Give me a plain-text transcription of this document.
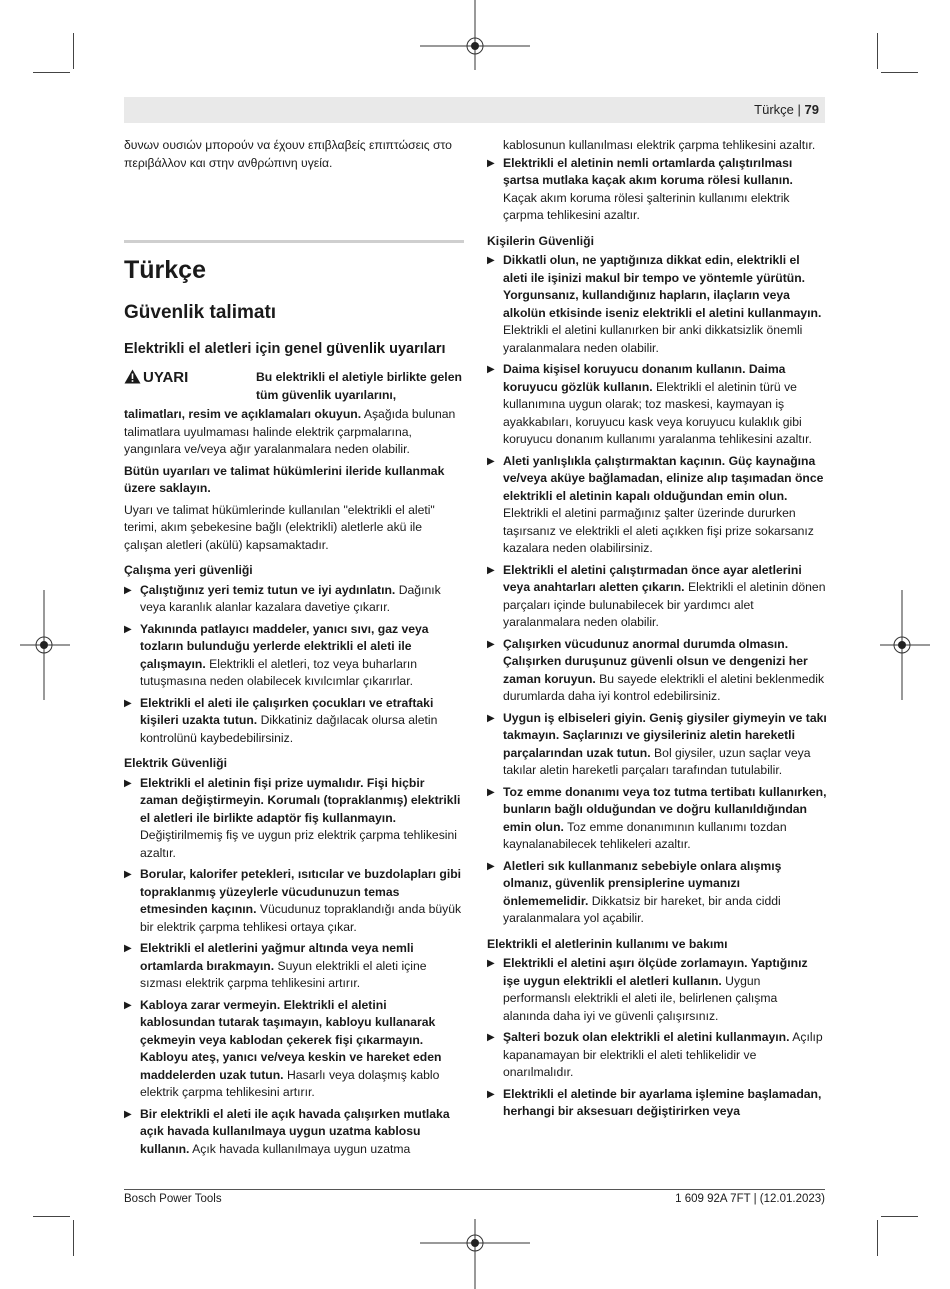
Türkçe | 79

δυνων ουσιών μπορούν να έχουν επιβλαβείς επιπτώσεις στο περιβάλλον και στην ανθρώπινη υγεία.

Türkçe
Güvenlik talimatı
Elektrikli el aletleri için genel güvenlik uyarıları
UYARI	Bu elektrikli el aletiyle birlikte gelen tüm güvenlik uyarılarını,

talimatları, resim ve açıklamaları okuyun. Aşağıda bulunan talimatlara uyulmaması halinde elektrik çarpmalarına, yangınlara ve/veya ağır yaralanmalara neden olabilir.

Bütün uyarıları ve talimat hükümlerini ileride kullanmak üzere saklayın.

Uyarı ve talimat hükümlerinde kullanılan "elektrikli el aleti" terimi, akım şebekesine bağlı (elektrikli) aletlerle akü ile çalışan aletleri (akülü) kapsamaktadır.

Çalışma yeri güvenliği

▶ Çalıştığınız yeri temiz tutun ve iyi aydınlatın. Dağınık veya karanlık alanlar kazalara davetiye çıkarır.
▶ Yakınında patlayıcı maddeler, yanıcı sıvı, gaz veya tozların bulunduğu yerlerde elektrikli el aleti ile çalışmayın. Elektrikli el aletleri, toz veya buharların tutuşmasına neden olabilecek kıvılcımlar çıkarırlar.
▶ Elektrikli el aleti ile çalışırken çocukları ve etraftaki kişileri uzakta tutun. Dikkatiniz dağılacak olursa aletin kontrolünü kaybedebilirsiniz.

Elektrik Güvenliği

▶ Elektrikli el aletinin fişi prize uymalıdır. Fişi hiçbir zaman değiştirmeyin. Korumalı (topraklanmış) elektrikli el aletleri ile birlikte adaptör fiş kullanmayın. Değiştirilmemiş fiş ve uygun priz elektrik çarpma tehlikesini azaltır.
▶ Borular, kalorifer petekleri, ısıtıcılar ve buzdolapları gibi topraklanmış yüzeylerle vücudunuzun temas etmesinden kaçının. Vücudunuz topraklandığı anda büyük bir elektrik çarpma tehlikesi ortaya çıkar.
▶ Elektrikli el aletlerini yağmur altında veya nemli ortamlarda bırakmayın. Suyun elektrikli el aleti içine sızması elektrik çarpma tehlikesini artırır.
▶ Kabloya zarar vermeyin. Elektrikli el aletini kablosundan tutarak taşımayın, kabloyu kullanarak çekmeyin veya kablodan çekerek fişi çıkarmayın. Kabloyu ateş, yanıcı ve/veya keskin ve hareket eden maddelerden uzak tutun. Hasarlı veya dolaşmış kablo elektrik çarpma tehlikesini artırır.
▶ Bir elektrikli el aleti ile açık havada çalışırken mutlaka açık havada kullanılmaya uygun uzatma kablosu kullanın. Açık havada kullanılmaya uygun uzatma

kablosunun kullanılması elektrik çarpma tehlikesini azaltır.

▶ Elektrikli el aletinin nemli ortamlarda çalıştırılması şartsa mutlaka kaçak akım koruma rölesi kullanın. Kaçak akım koruma rölesi şalterinin kullanımı elektrik çarpma tehlikesini azaltır.

Kişilerin Güvenliği

▶ Dikkatli olun, ne yaptığınıza dikkat edin, elektrikli el aleti ile işinizi makul bir tempo ve yöntemle yürütün. Yorgunsanız, kullandığınız hapların, ilaçların veya alkolün etkisinde iseniz elektrikli el aletini kullanmayın. Elektrikli el aletini kullanırken bir anki dikkatsizlik önemli yaralanmalara neden olabilir.
▶ Daima kişisel koruyucu donanım kullanın. Daima koruyucu gözlük kullanın. Elektrikli el aletinin türü ve kullanımına uygun olarak; toz maskesi, kaymayan iş ayakkabıları, koruyucu kask veya koruyucu kulaklık gibi koruyucu donanım kullanımı yaralanma tehlikesini azaltır.
▶ Aleti yanlışlıkla çalıştırmaktan kaçının. Güç kaynağına ve/veya aküye bağlamadan, elinize alıp taşımadan önce elektrikli el aletinin kapalı olduğundan emin olun. Elektrikli el aletini parmağınız şalter üzerinde dururken taşırsanız ve elektrikli el aleti açıkken fişi prize sokarsanız kazalara neden olabilirsiniz.
▶ Elektrikli el aletini çalıştırmadan önce ayar aletlerini veya anahtarları aletten çıkarın. Elektrikli el aletinin dönen parçaları içinde bulunabilecek bir yardımcı alet yaralanmalara neden olabilir.
▶ Çalışırken vücudunuz anormal durumda olmasın. Çalışırken duruşunuz güvenli olsun ve dengenizi her zaman koruyun. Bu sayede elektrikli el aletini beklenmedik durumlarda daha iyi kontrol edebilirsiniz.
▶ Uygun iş elbiseleri giyin. Geniş giysiler giymeyin ve takı takmayın. Saçlarınızı ve giysileriniz aletin hareketli parçalarından uzak tutun. Bol giysiler, uzun saçlar veya takılar aletin hareketli parçaları tarafından tutulabilir.
▶ Toz emme donanımı veya toz tutma tertibatı kullanırken, bunların bağlı olduğundan ve doğru kullanıldığından emin olun. Toz emme donanımının kullanımı tozdan kaynalanabilecek tehlikeleri azaltır.
▶ Aletleri sık kullanmanız sebebiyle onlara alışmış olmanız, güvenlik prensiplerine uymanızı önlememelidir. Dikkatsiz bir hareket, bir anda ciddi yaralanmalara yol açabilir.

Elektrikli el aletlerinin kullanımı ve bakımı

▶ Elektrikli el aletini aşırı ölçüde zorlamayın. Yaptığınız işe uygun elektrikli el aletleri kullanın. Uygun performanslı elektrikli el aleti ile, belirlenen çalışma alanında daha iyi ve güvenli çalışırsınız.
▶ Şalteri bozuk olan elektrikli el aletini kullanmayın. Açılıp kapanamayan bir elektrikli el aleti tehlikelidir ve onarılmalıdır.
▶ Elektrikli el aletinde bir ayarlama işlemine başlamadan, herhangi bir aksesuarı değiştirirken veya
Bosch Power Tools	1 609 92A 7FT | (12.01.2023)
